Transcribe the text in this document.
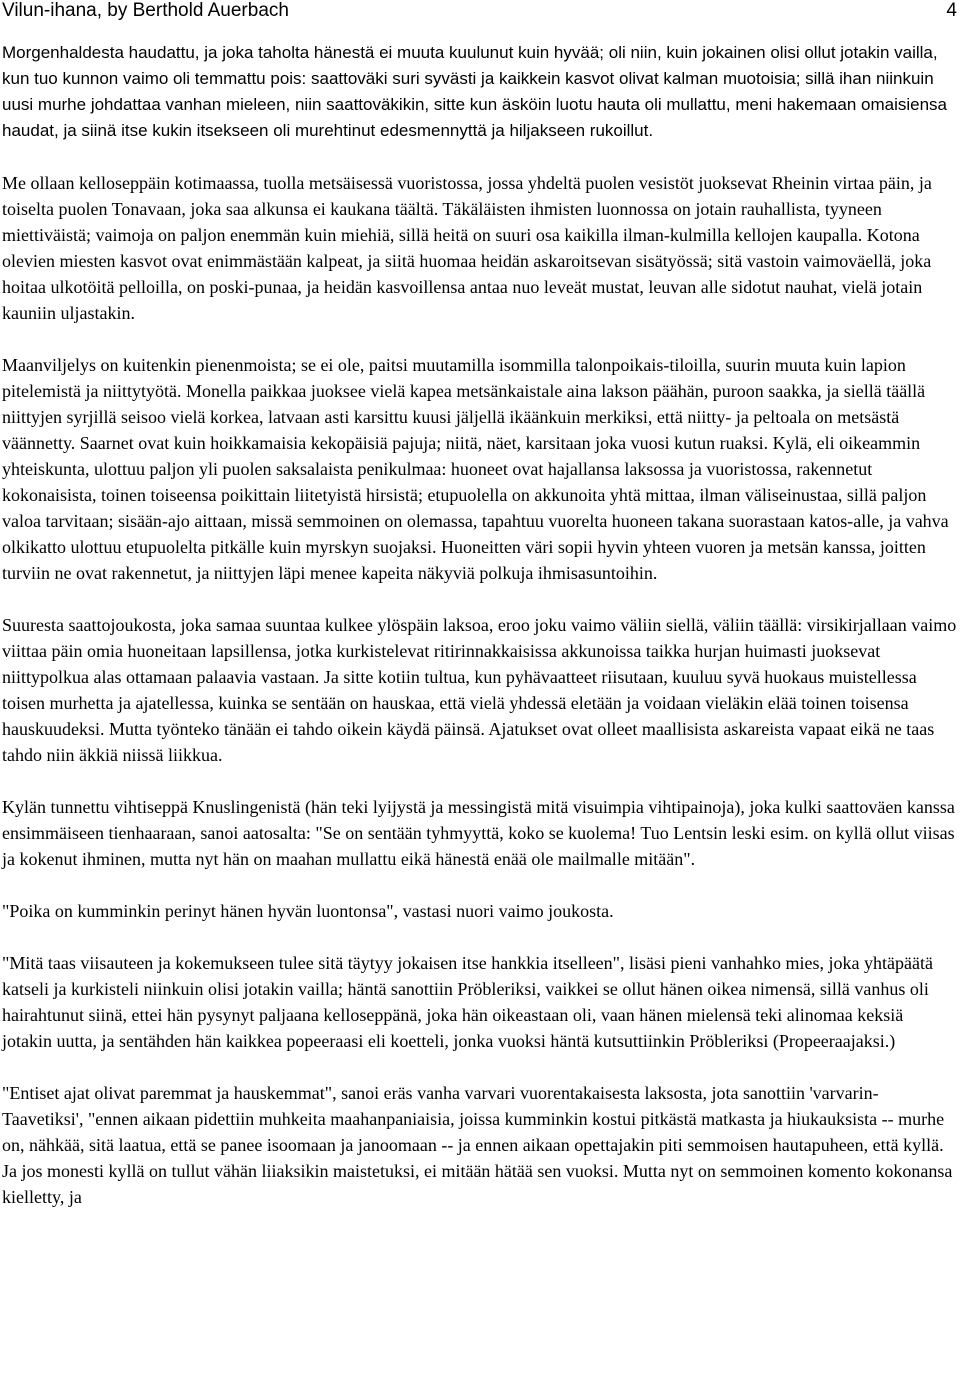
Vilun-ihana, by Berthold Auerbach	4

Morgenhaldesta haudattu, ja joka taholta hänestä ei muuta kuulunut kuin hyvää; oli niin, kuin jokainen olisi ollut jotakin vailla, kun tuo kunnon vaimo oli temmattu pois: saattoväki suri syvästi ja kaikkein kasvot olivat kalman muotoisia; sillä ihan niinkuin uusi murhe johdattaa vanhan mieleen, niin saattoväkikin, sitte kun äsköin luotu hauta oli mullattu, meni hakemaan omaisiensa haudat, ja siinä itse kukin itsekseen oli murehtinut edesmennyttä ja hiljakseen rukoillut.

Me ollaan kelloseppäin kotimaassa, tuolla metsäisessä vuoristossa, jossa yhdeltä puolen vesistöt juoksevat Rheinin virtaa päin, ja toiselta puolen Tonavaan, joka saa alkunsa ei kaukana täältä. Täkäläisten ihmisten luonnossa on jotain rauhallista, tyyneen miettiväistä; vaimoja on paljon enemmän kuin miehiä, sillä heitä on suuri osa kaikilla ilman-kulmilla kellojen kaupalla. Kotona olevien miesten kasvot ovat enimmästään kalpeat, ja siitä huomaa heidän askaroitsevan sisätyössä; sitä vastoin vaimoväellä, joka hoitaa ulkotöitä pelloilla, on poski-punaa, ja heidän kasvoillensa antaa nuo leveät mustat, leuvan alle sidotut nauhat, vielä jotain kauniin uljastakin.

Maanviljelys on kuitenkin pienenmoista; se ei ole, paitsi muutamilla isommilla talonpoikais-tiloilla, suurin muuta kuin lapion pitelemistä ja niittytyötä. Monella paikkaa juoksee vielä kapea metsänkaistale aina lakson päähän, puroon saakka, ja siellä täällä niittyjen syrjillä seisoo vielä korkea, latvaan asti karsittu kuusi jäljellä ikäänkuin merkiksi, että niitty- ja peltoala on metsästä väännetty. Saarnet ovat kuin hoikkamaisia kekopäisiä pajuja; niitä, näet, karsitaan joka vuosi kutun ruaksi. Kylä, eli oikeammin yhteiskunta, ulottuu paljon yli puolen saksalaista penikulmaa: huoneet ovat hajallansa laksossa ja vuoristossa, rakennetut kokonaisista, toinen toiseensa poikittain liitetyistä hirsistä; etupuolella on akkunoita yhtä mittaa, ilman väliseinustaa, sillä paljon valoa tarvitaan; sisään-ajo aittaan, missä semmoinen on olemassa, tapahtuu vuorelta huoneen takana suorastaan katos-alle, ja vahva olkikatto ulottuu etupuolelta pitkälle kuin myrskyn suojaksi. Huoneitten väri sopii hyvin yhteen vuoren ja metsän kanssa, joitten turviin ne ovat rakennetut, ja niittyjen läpi menee kapeita näkyviä polkuja ihmisasuntoihin.

Suuresta saattojoukosta, joka samaa suuntaa kulkee ylöspäin laksoa, eroo joku vaimo väliin siellä, väliin täällä: virsikirjallaan vaimo viittaa päin omia huoneitaan lapsillensa, jotka kurkistelevat ritirinnakkaisissa akkunoissa taikka hurjan huimasti juoksevat niittypolkua alas ottamaan palaavia vastaan. Ja sitte kotiin tultua, kun pyhävaatteet riisutaan, kuuluu syvä huokaus muistellessa toisen murhetta ja ajatellessa, kuinka se sentään on hauskaa, että vielä yhdessä eletään ja voidaan vieläkin elää toinen toisensa hauskuudeksi. Mutta työnteko tänään ei tahdo oikein käydä päinsä. Ajatukset ovat olleet maallisista askareista vapaat eikä ne taas tahdo niin äkkiä niissä liikkua.

Kylän tunnettu vihtiseppä Knuslingenistä (hän teki lyijystä ja messingistä mitä visuimpia vihtipainoja), joka kulki saattoväen kanssa ensimmäiseen tienhaaraan, sanoi aatosalta: "Se on sentään tyhmyyttä, koko se kuolema! Tuo Lentsin leski esim. on kyllä ollut viisas ja kokenut ihminen, mutta nyt hän on maahan mullattu eikä hänestä enää ole mailmalle mitään".

"Poika on kumminkin perinyt hänen hyvän luontonsa", vastasi nuori vaimo joukosta.

"Mitä taas viisauteen ja kokemukseen tulee sitä täytyy jokaisen itse hankkia itselleen", lisäsi pieni vanhahko mies, joka yhtäpäätä katseli ja kurkisteli niinkuin olisi jotakin vailla; häntä sanottiin Pröbleriksi, vaikkei se ollut hänen oikea nimensä, sillä vanhus oli hairahtunut siinä, ettei hän pysynyt paljaana kelloseppänä, joka hän oikeastaan oli, vaan hänen mielensä teki alinomaa keksiä jotakin uutta, ja sentähden hän kaikkea popeeraasi eli koetteli, jonka vuoksi häntä kutsuttiinkin Pröbleriksi (Propeeraajaksi.)

"Entiset ajat olivat paremmat ja hauskemmat", sanoi eräs vanha varvari vuorentakaisesta laksosta, jota sanottiin 'varvarin-Taavetiksi', "ennen aikaan pidettiin muhkeita maahanpaniaisia, joissa kumminkin kostui pitkästä matkasta ja hiukauksista -- murhe on, nähkää, sitä laatua, että se panee isoomaan ja janoomaan -- ja ennen aikaan opettajakin piti semmoisen hautapuheen, että kyllä. Ja jos monesti kyllä on tullut vähän liiaksikin maistetuksi, ei mitään hätää sen vuoksi. Mutta nyt on semmoinen komento kokonansa kielletty, ja
